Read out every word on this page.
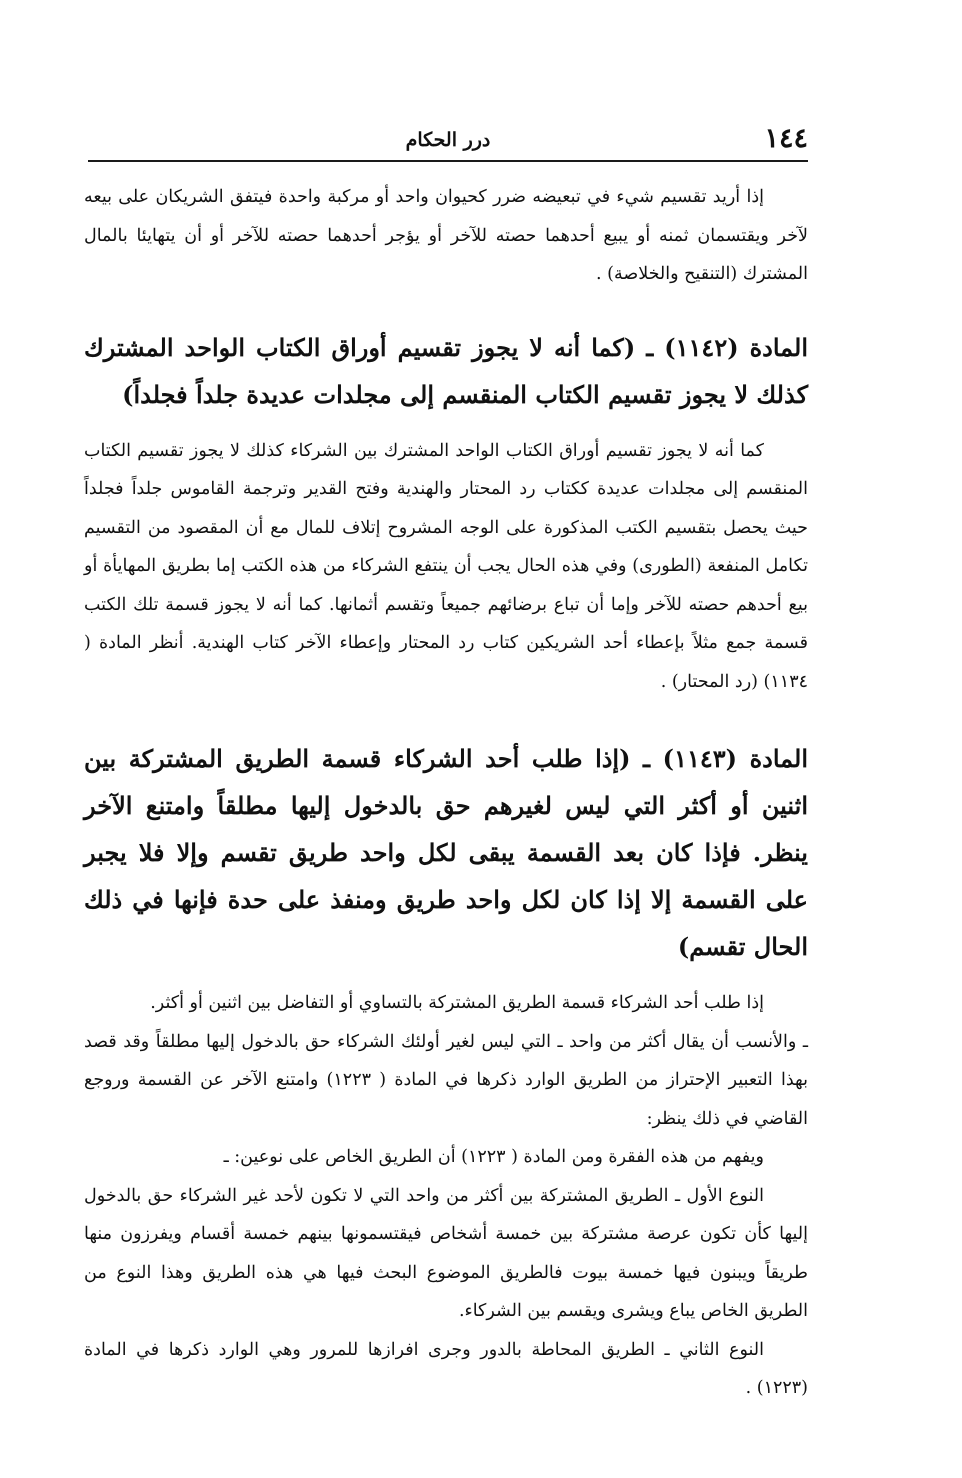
١٤٤
درر الحكام

إذا أريد تقسيم شيء في تبعيضه ضرر كحيوان واحد أو مركبة واحدة فيتفق الشريكان على بيعه لآخر ويقتسمان ثمنه أو يبيع أحدهما حصته للآخر أو يؤجر أحدهما حصته للآخر أو أن يتهايئا بالمال المشترك (التنقيح والخلاصة) .

المادة (١١٤٢) ـ (كما أنه لا يجوز تقسيم أوراق الكتاب الواحد المشترك كذلك لا يجوز تقسيم الكتاب المنقسم إلى مجلدات عديدة جلداً فجلداً)

كما أنه لا يجوز تقسيم أوراق الكتاب الواحد المشترك بين الشركاء كذلك لا يجوز تقسيم الكتاب المنقسم إلى مجلدات عديدة ككتاب رد المحتار والهندية وفتح القدير وترجمة القاموس جلداً فجلداً حيث يحصل بتقسيم الكتب المذكورة على الوجه المشروح إتلاف للمال مع أن المقصود من التقسيم تكامل المنفعة (الطورى) وفي هذه الحال يجب أن ينتفع الشركاء من هذه الكتب إما بطريق المهايأة أو بيع أحدهم حصته للآخر وإما أن تباع برضائهم جميعاً وتقسم أثمانها. كما أنه لا يجوز قسمة تلك الكتب قسمة جمع مثلاً بإعطاء أحد الشريكين كتاب رد المحتار وإعطاء الآخر كتاب الهندية. أنظر المادة ( ١١٣٤) (رد المحتار) .

المادة (١١٤٣) ـ (إذا طلب أحد الشركاء قسمة الطريق المشتركة بين اثنين أو أكثر التي ليس لغيرهم حق بالدخول إليها مطلقاً وامتنع الآخر ينظر. فإذا كان بعد القسمة يبقى لكل واحد طريق تقسم وإلا فلا يجبر على القسمة إلا إذا كان لكل واحد طريق ومنفذ على حدة فإنها في ذلك الحال تقسم)

إذا طلب أحد الشركاء قسمة الطريق المشتركة بالتساوي أو التفاضل بين اثنين أو أكثر.

ـ والأنسب أن يقال أكثر من واحد ـ التي ليس لغير أولئك الشركاء حق بالدخول إليها مطلقاً وقد قصد بهذا التعبير الإحتراز من الطريق الوارد ذكرها في المادة ( ١٢٢٣) وامتنع الآخر عن القسمة وروجع القاضي في ذلك ينظر:

ويفهم من هذه الفقرة ومن المادة ( ١٢٢٣) أن الطريق الخاص على نوعين: ـ

النوع الأول ـ الطريق المشتركة بين أكثر من واحد التي لا تكون لأحد غير الشركاء حق بالدخول إليها كأن تكون عرصة مشتركة بين خمسة أشخاص فيقتسمونها بينهم خمسة أقسام ويفرزون منها طريقاً ويبنون فيها خمسة بيوت فالطريق الموضوع البحث فيها هي هذه الطريق وهذا النوع من الطريق الخاص يباع ويشرى ويقسم بين الشركاء.

النوع الثاني ـ الطريق المحاطة بالدور وجرى افرازها للمرور وهي الوارد ذكرها في المادة (١٢٢٣) .
